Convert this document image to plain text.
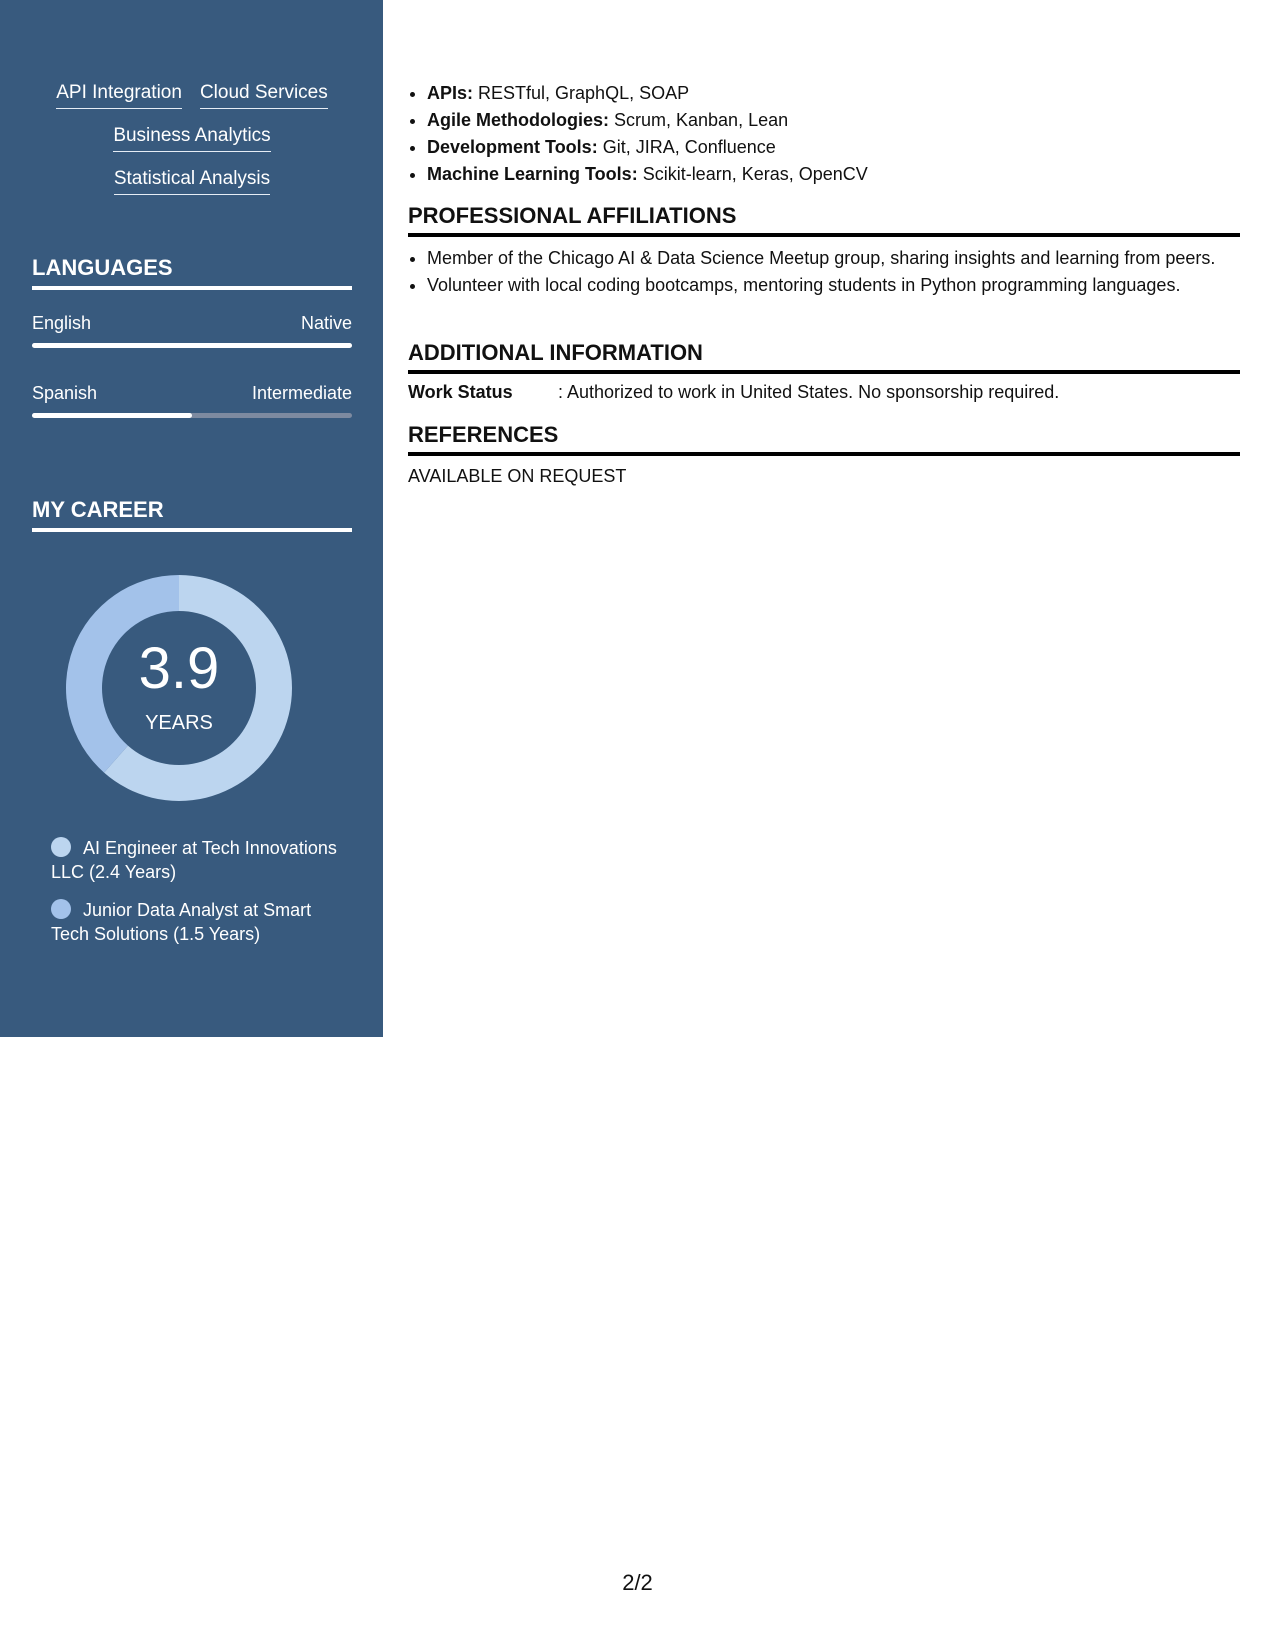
API Integration Cloud Services
Business Analytics
Statistical Analysis
LANGUAGES
English	Native
Spanish	Intermediate
MY CAREER
3.9
YEARS
AI Engineer at Tech Innovations LLC (2.4 Years)
Junior Data Analyst at Smart Tech Solutions (1.5 Years)
• APIs: RESTful, GraphQL, SOAP
• Agile Methodologies: Scrum, Kanban, Lean
• Development Tools: Git, JIRA, Confluence
• Machine Learning Tools: Scikit-learn, Keras, OpenCV
PROFESSIONAL AFFILIATIONS
• Member of the Chicago AI & Data Science Meetup group, sharing insights and learning from peers.
• Volunteer with local coding bootcamps, mentoring students in Python programming languages.
ADDITIONAL INFORMATION
Work Status	: Authorized to work in United States. No sponsorship required.
REFERENCES
AVAILABLE ON REQUEST
2/2
